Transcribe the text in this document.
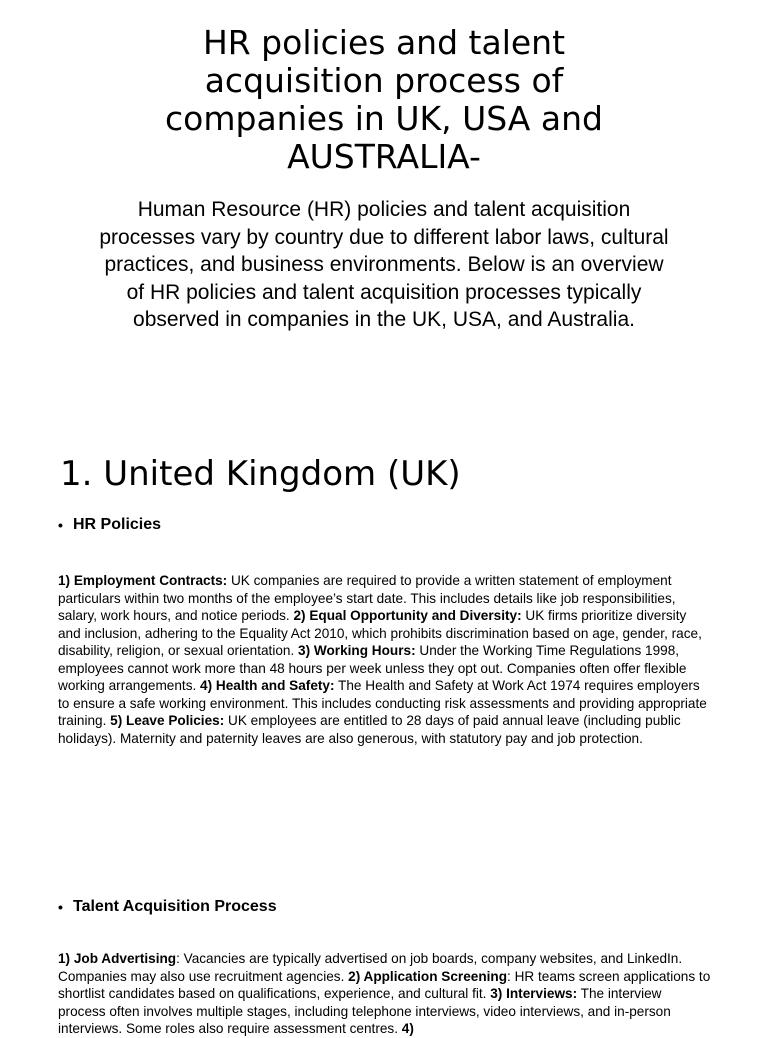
HR policies and talent acquisition process of companies in UK, USA and AUSTRALIA-

Human Resource (HR) policies and talent acquisition processes vary by country due to different labor laws, cultural practices, and business environments. Below is an overview of HR policies and talent acquisition processes typically observed in companies in the UK, USA, and Australia.

1. United Kingdom (UK)
• HR Policies

1) Employment Contracts: UK companies are required to provide a written statement of employment particulars within two months of the employee’s start date. This includes details like job responsibilities, salary, work hours, and notice periods. 2) Equal Opportunity and Diversity: UK firms prioritize diversity and inclusion, adhering to the Equality Act 2010, which prohibits discrimination based on age, gender, race, disability, religion, or sexual orientation. 3) Working Hours: Under the Working Time Regulations 1998, employees cannot work more than 48 hours per week unless they opt out. Companies often offer flexible working arrangements. 4) Health and Safety: The Health and Safety at Work Act 1974 requires employers to ensure a safe working environment. This includes conducting risk assessments and providing appropriate training. 5) Leave Policies: UK employees are entitled to 28 days of paid annual leave (including public holidays). Maternity and paternity leaves are also generous, with statutory pay and job protection.

• Talent Acquisition Process

1) Job Advertising: Vacancies are typically advertised on job boards, company websites, and LinkedIn. Companies may also use recruitment agencies. 2) Application Screening: HR teams screen applications to shortlist candidates based on qualifications, experience, and cultural fit. 3) Interviews: The interview process often involves multiple stages, including telephone interviews, video interviews, and in-person interviews. Some roles also require assessment centres. 4)
